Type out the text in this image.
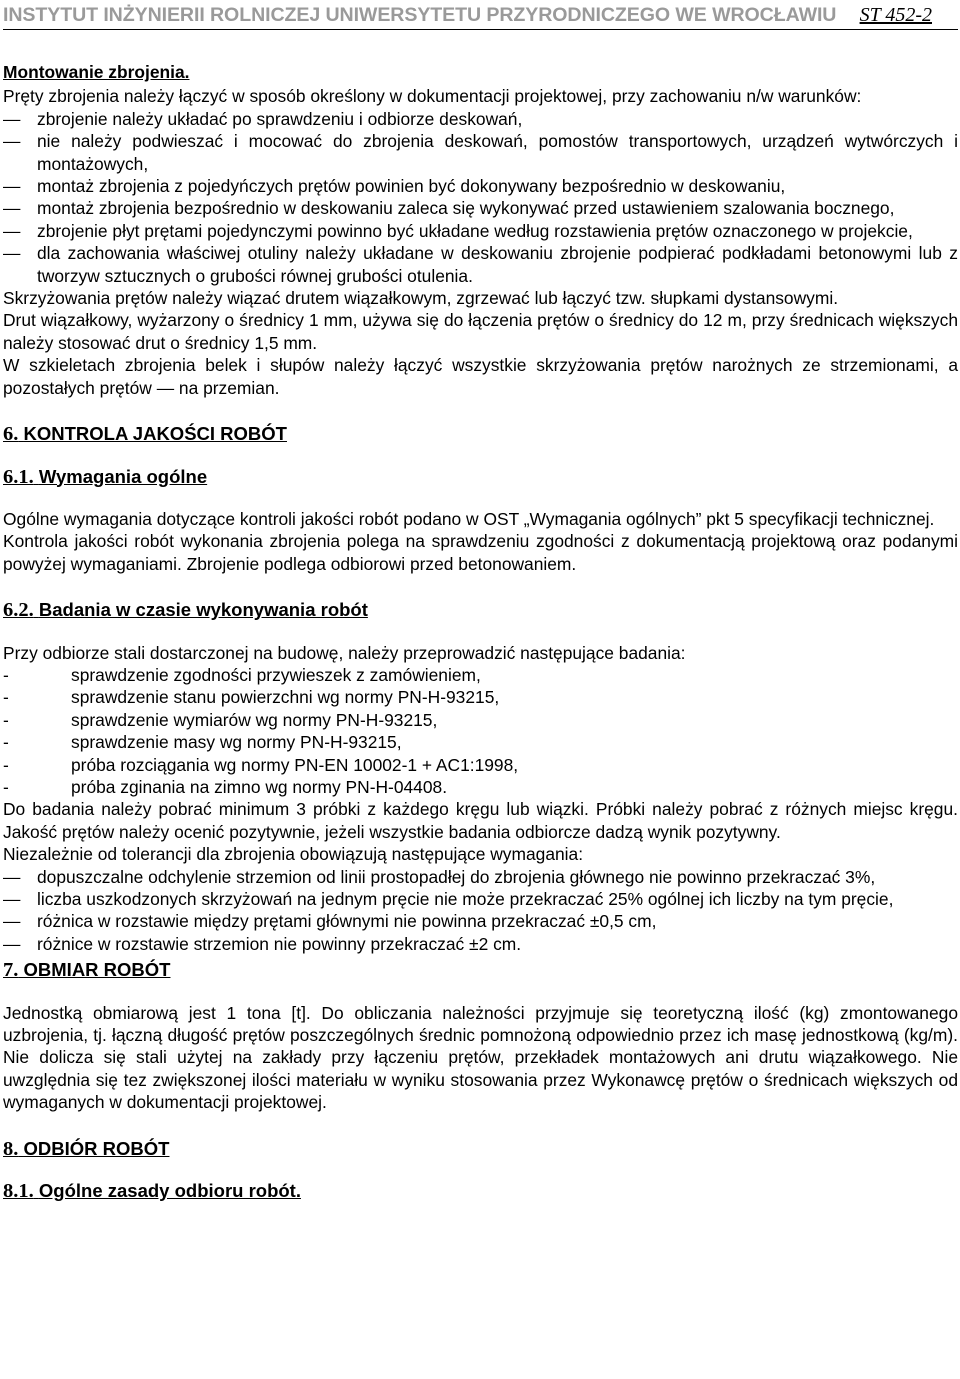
INSTYTUT INŻYNIERII ROLNICZEJ UNIWERSYTETU PRZYRODNICZEGO WE WROCŁAWIU ST 452-2

Montowanie zbrojenia.

Pręty zbrojenia należy łączyć w sposób określony w dokumentacji projektowej, przy zachowaniu n/w warunków:

— zbrojenie należy układać po sprawdzeniu i odbiorze deskowań,
— nie należy podwieszać i mocować do zbrojenia deskowań, pomostów transportowych, urządzeń wytwórczych i montażowych,
— montaż zbrojenia z pojedyńczych prętów powinien być dokonywany bezpośrednio w deskowaniu,
— montaż zbrojenia bezpośrednio w deskowaniu zaleca się wykonywać przed ustawieniem szalowania bocznego,
— zbrojenie płyt prętami pojedynczymi powinno być układane według rozstawienia prętów oznaczonego w projekcie,
— dla zachowania właściwej otuliny należy układane w deskowaniu zbrojenie podpierać podkładami betonowymi lub z tworzyw sztucznych o grubości równej grubości otulenia.

Skrzyżowania prętów należy wiązać drutem wiązałkowym, zgrzewać lub łączyć tzw. słupkami dystansowymi.

Drut wiązałkowy, wyżarzony o średnicy 1 mm, używa się do łączenia prętów o średnicy do 12 m, przy średnicach większych należy stosować drut o średnicy 1,5 mm.

W szkieletach zbrojenia belek i słupów należy łączyć wszystkie skrzyżowania prętów narożnych ze strzemionami, a pozostałych prętów — na przemian.

6. KONTROLA JAKOŚCI ROBÓT

6.1. Wymagania ogólne

Ogólne wymagania dotyczące kontroli jakości robót podano w OST „Wymagania ogólnych” pkt 5 specyfikacji technicznej.

Kontrola jakości robót wykonania zbrojenia polega na sprawdzeniu zgodności z dokumentacją projektową oraz podanymi powyżej wymaganiami. Zbrojenie podlega odbiorowi przed betonowaniem.

6.2. Badania w czasie wykonywania robót

Przy odbiorze stali dostarczonej na budowę, należy przeprowadzić następujące badania:

-	sprawdzenie zgodności przywieszek z zamówieniem,
-	sprawdzenie stanu powierzchni wg normy PN-H-93215,
-	sprawdzenie wymiarów wg normy PN-H-93215,
-	sprawdzenie masy wg normy PN-H-93215,
-	próba rozciągania wg normy PN-EN 10002-1 + AC1:1998,
-	próba zginania na zimno wg normy PN-H-04408.

Do badania należy pobrać minimum 3 próbki z każdego kręgu lub wiązki. Próbki należy pobrać z różnych miejsc kręgu. Jakość prętów należy ocenić pozytywnie, jeżeli wszystkie badania odbiorcze dadzą wynik pozytywny.

Niezależnie od tolerancji dla zbrojenia obowiązują następujące wymagania:

— dopuszczalne odchylenie strzemion od linii prostopadłej do zbrojenia głównego nie powinno przekraczać 3%,
— liczba uszkodzonych skrzyżowań na jednym pręcie nie może przekraczać 25% ogólnej ich liczby na tym pręcie,
— różnica w rozstawie między prętami głównymi nie powinna przekraczać ±0,5 cm,
— różnice w rozstawie strzemion nie powinny przekraczać ±2 cm.

7. OBMIAR ROBÓT

Jednostką obmiarową jest 1 tona [t]. Do obliczania należności przyjmuje się teoretyczną ilość (kg) zmontowanego uzbrojenia, tj. łączną długość prętów poszczególnych średnic pomnożoną odpowiednio przez ich masę jednostkową (kg/m). Nie dolicza się stali użytej na zakłady przy łączeniu prętów, przekładek montażowych ani drutu wiązałkowego. Nie uwzględnia się tez zwiększonej ilości materiału w wyniku stosowania przez Wykonawcę prętów o średnicach większych od wymaganych w dokumentacji projektowej.

8. ODBIÓR ROBÓT

8.1. Ogólne zasady odbioru robót.
